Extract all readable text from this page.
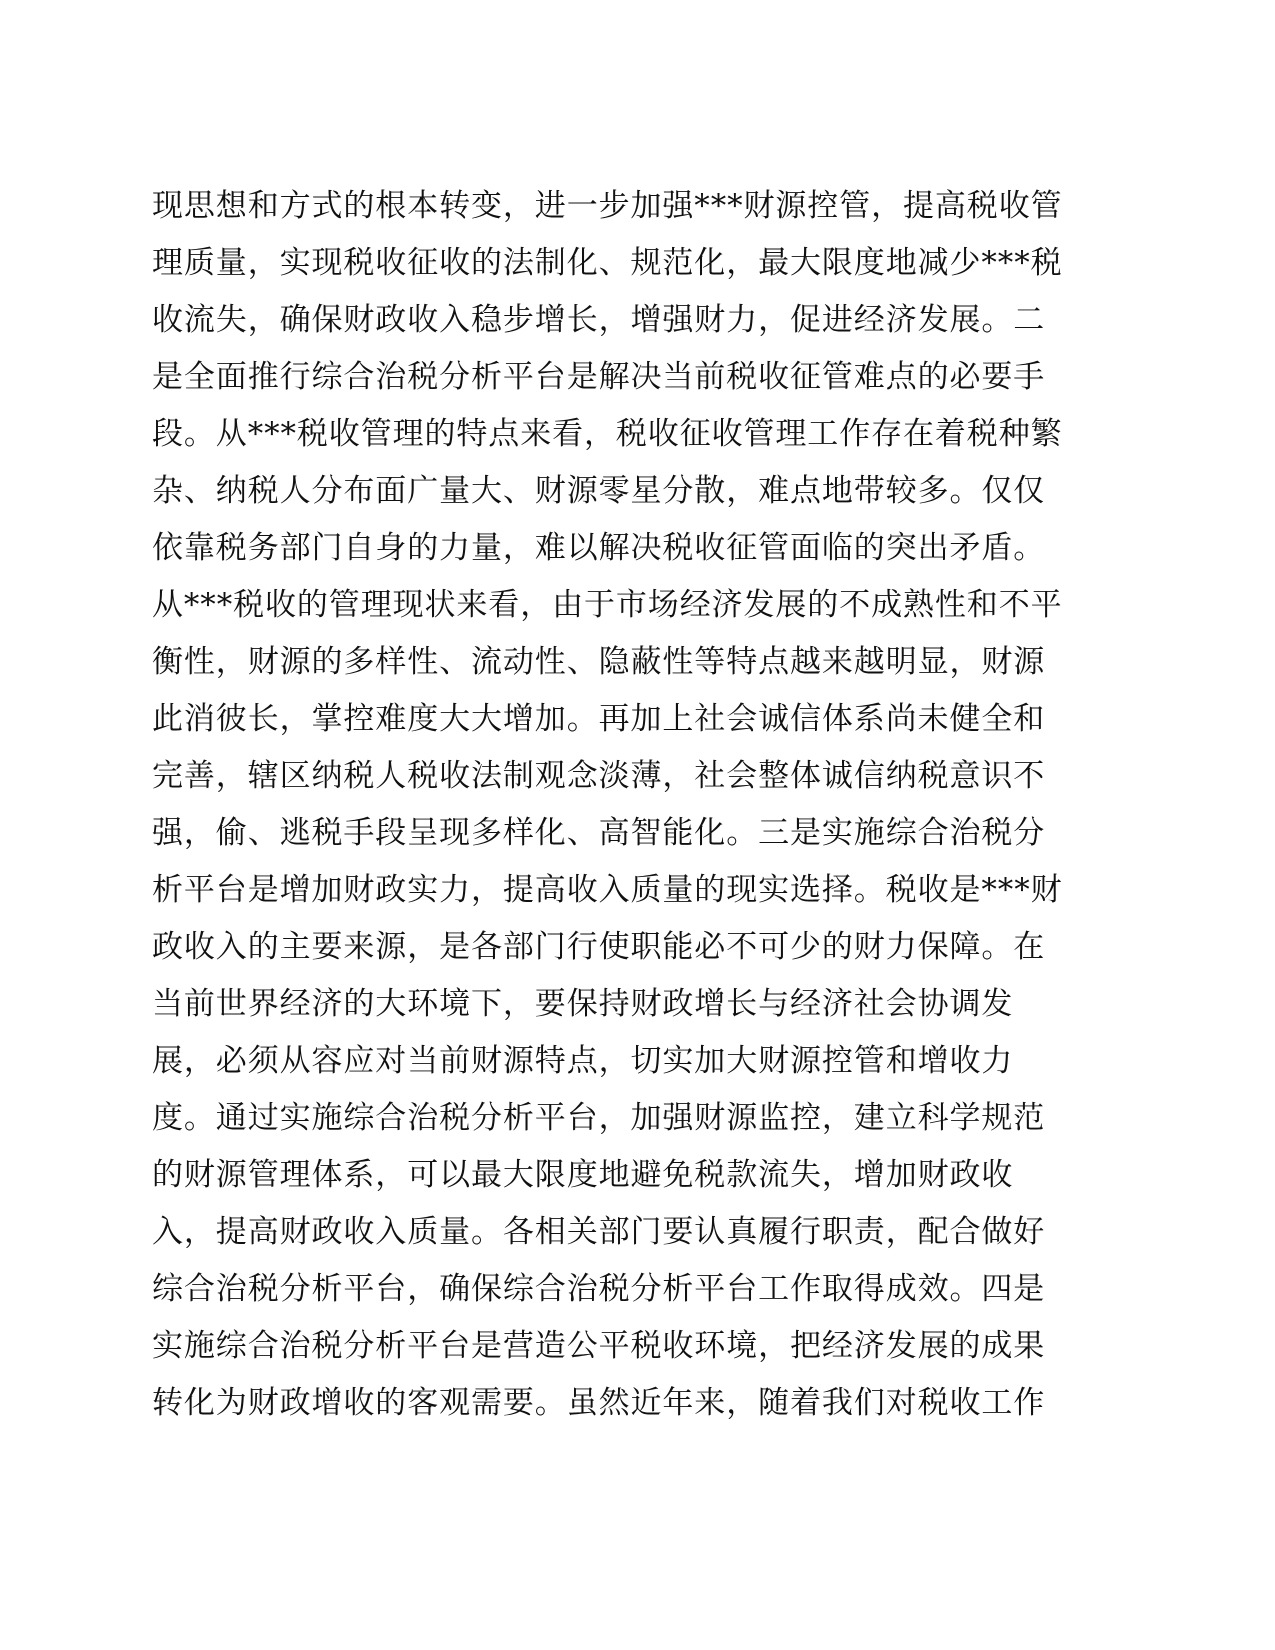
现思想和方式的根本转变，进一步加强***财源控管，提高税收管
理质量，实现税收征收的法制化、规范化，最大限度地减少***税
收流失，确保财政收入稳步增长，增强财力，促进经济发展。二
是全面推行综合治税分析平台是解决当前税收征管难点的必要手
段。从***税收管理的特点来看，税收征收管理工作存在着税种繁
杂、纳税人分布面广量大、财源零星分散，难点地带较多。仅仅
依靠税务部门自身的力量，难以解决税收征管面临的突出矛盾。
从***税收的管理现状来看，由于市场经济发展的不成熟性和不平
衡性，财源的多样性、流动性、隐蔽性等特点越来越明显，财源
此消彼长，掌控难度大大增加。再加上社会诚信体系尚未健全和
完善，辖区纳税人税收法制观念淡薄，社会整体诚信纳税意识不
强，偷、逃税手段呈现多样化、高智能化。三是实施综合治税分
析平台是增加财政实力，提高收入质量的现实选择。税收是***财
政收入的主要来源，是各部门行使职能必不可少的财力保障。在
当前世界经济的大环境下，要保持财政增长与经济社会协调发
展，必须从容应对当前财源特点，切实加大财源控管和增收力
度。通过实施综合治税分析平台，加强财源监控，建立科学规范
的财源管理体系，可以最大限度地避免税款流失，增加财政收
入，提高财政收入质量。各相关部门要认真履行职责，配合做好
综合治税分析平台，确保综合治税分析平台工作取得成效。四是
实施综合治税分析平台是营造公平税收环境，把经济发展的成果
转化为财政增收的客观需要。虽然近年来，随着我们对税收工作
